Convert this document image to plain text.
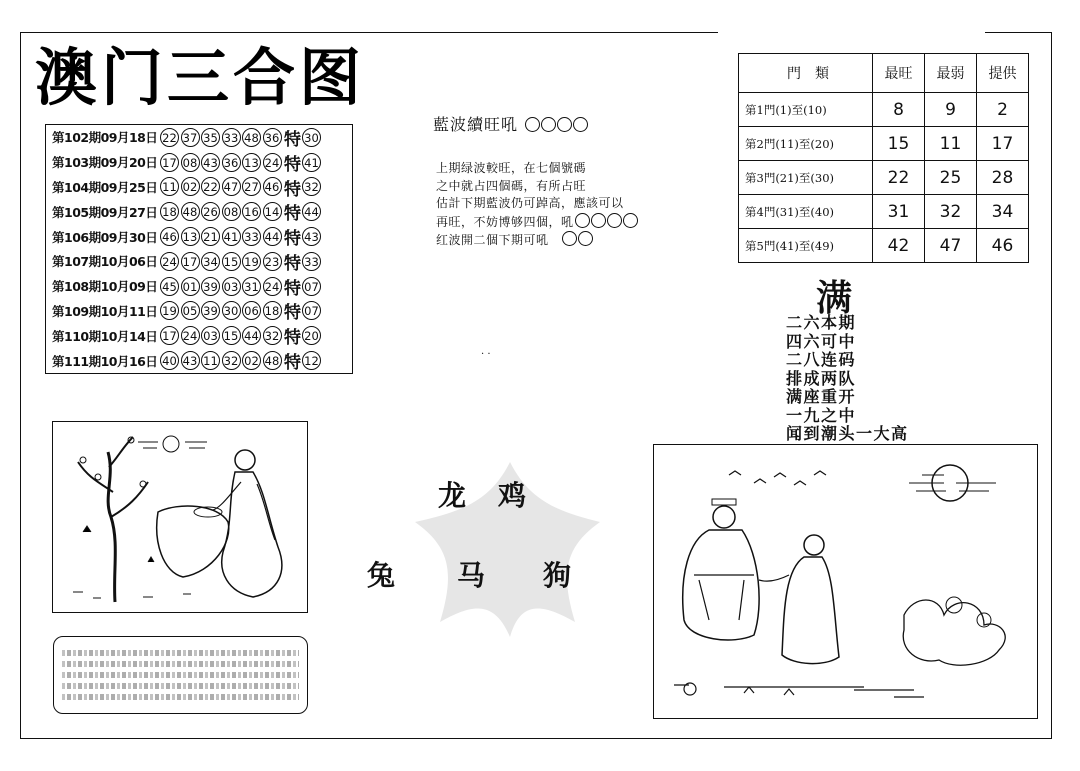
澳门三合图
第102期09月18日 22 37 35 33 48 36 特 30
第103期09月20日 17 08 43 36 13 24 特 41
第104期09月25日 11 02 22 47 27 46 特 32
第105期09月27日 18 48 26 08 16 14 特 44
第106期09月30日 46 13 21 41 33 44 特 43
第107期10月06日 24 17 34 15 19 23 特 33
第108期10月09日 45 01 39 03 31 24 特 07
第109期10月11日 19 05 39 30 06 18 特 07
第110期10月14日 17 24 03 15 44 32 特 20
第111期10月16日 40 43 11 32 02 48 特 12
藍波續旺吼
上期绿波較旺，在七個號碼
之中就占四個碼，有所占旺
估計下期藍波仍可踔高，應該可以
再旺，不妨博够四個，吼
红波開二個下期可吼　
門　類	最旺	最弱	提供
第1門(1)至(10)	8	9	2
第2門(11)至(20)	15	11	17
第3門(21)至(30)	22	25	28
第4門(31)至(40)	31	32	34
第5門(41)至(49)	42	47	46
满
二六本期
四六可中
二八连码
排成两队
满座重开
一九之中
闻到潮头一大高
. .
龙 鸡
兔 马 狗
